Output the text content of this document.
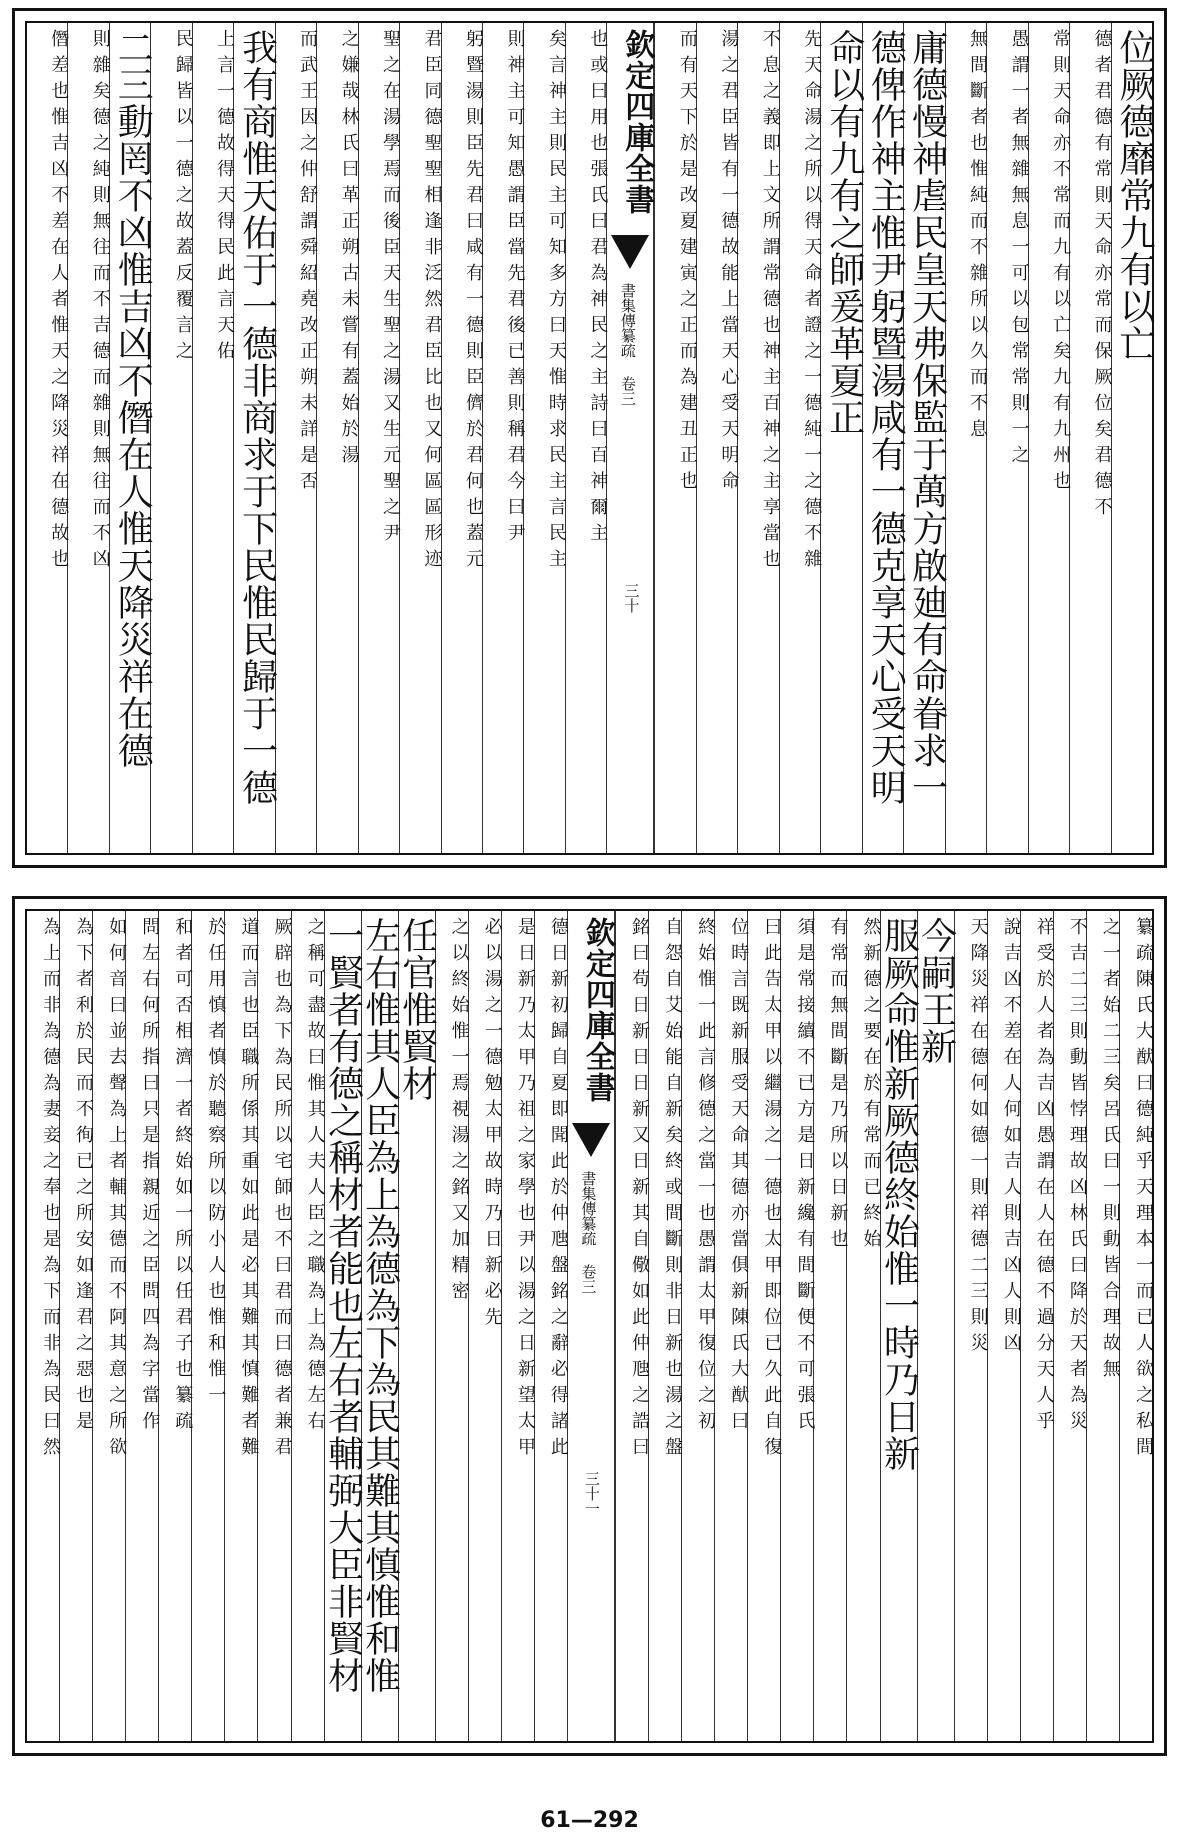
位厥德靡常九有以亡
德者君德有常則天命亦常而保厥位矣君德不
常則天命亦不常而九有以亡矣九有九州也
愚謂一者無雜無息一可以包常常則一之
無間斷者也惟純而不雜所以久而不息
庸德慢神虐民皇天弗保監于萬方啟廸有命眷求一
德俾作神主惟尹躬暨湯咸有一德克享天心受天明
命以有九有之師爰革夏正
先天命湯之所以得天命者證之一德純一之德不雜
不息之義即上文所謂常德也神主百神之主享當也
湯之君臣皆有一德故能上當天心受天明命
而有天下於是改夏建寅之正而為建丑正也
欽定四庫全書
書集傳纂疏 卷三
三十
也或曰用也張氏曰君為神民之主詩曰百神爾主
矣言神主則民主可知多方曰天惟時求民主言民主
則神主可知愚謂臣當先君後已善則稱君今曰尹
躬暨湯則臣先君曰咸有一德則臣儕於君何也蓋元
君臣同德聖聖相逢非泛然君臣比也又何區區形迹
聖之在湯學焉而後臣天生聖之湯又生元聖之尹
之嫌哉林氏曰革正朔古未嘗有蓋始於湯
而武王因之仲舒謂舜紹堯改正朔未詳是否
我有商惟天佑于一德非商求于下民惟民歸于一德
上言一德故得天得民此言天佑
民歸皆以一德之故蓋反覆言之
二三動罔不凶惟吉凶不僭在人惟天降災祥在德
則雜矣德之純則無往而不吉德而雜則無往而不凶
僭差也惟吉凶不差在人者惟天之降災祥在德故也
纂疏陳氏大猷曰德純乎天理本一而已人欲之私間
之一者始二三矣呂氏曰一則動皆合理故無
不吉二三則動皆悖理故凶林氏曰降於天者為災
祥受於人者為吉凶愚謂在人在德不過分天人乎
說吉凶不差在人何如吉人則吉凶人則凶
天降災祥在德何如德一則祥德二三則災
今嗣王新
服厥命惟新厥德終始惟一時乃日新
然新德之要在於有常而已終始
有常而無間斷是乃所以日新也
須是常接續不已方是日新纔有間斷便不可張氏
曰此告太甲以繼湯之一德也太甲即位已久此自復
位時言既新服受天命其德亦當俱新陳氏大猷曰
終始惟一此言修德之當一也愚謂太甲復位之初
自怨自艾始能自新矣終或間斷則非日新也湯之盤
銘曰苟日新日日新又日新其自儆如此仲虺之誥曰
欽定四庫全書
書集傳纂疏 卷三
三十一
德日新初歸自夏即聞此於仲虺盤銘之辭必得諸此
是日新乃太甲乃祖之家學也尹以湯之日新望太甲
必以湯之一德勉太甲故時乃日新必先
之以終始惟一焉視湯之銘又加精密
任官惟賢材
左右惟其人臣為上為德為下為民其難其慎惟和惟
一賢者有德之稱材者能也左右者輔弼大臣非賢材
之稱可盡故曰惟其人夫人臣之職為上為德左右
厥辟也為下為民所以宅師也不曰君而曰德者兼君
道而言也臣職所係其重如此是必其難其慎難者難
於任用慎者慎於聽察所以防小人也惟和惟一
和者可否相濟一者終始如一所以任君子也纂疏
問左右何所指曰只是指親近之臣問四為字當作
如何音曰並去聲為上者輔其德而不阿其意之所欲
為下者利於民而不徇已之所安如逢君之惡也是
為上而非為德為妻妾之奉也是為下而非為民曰然
61—292
